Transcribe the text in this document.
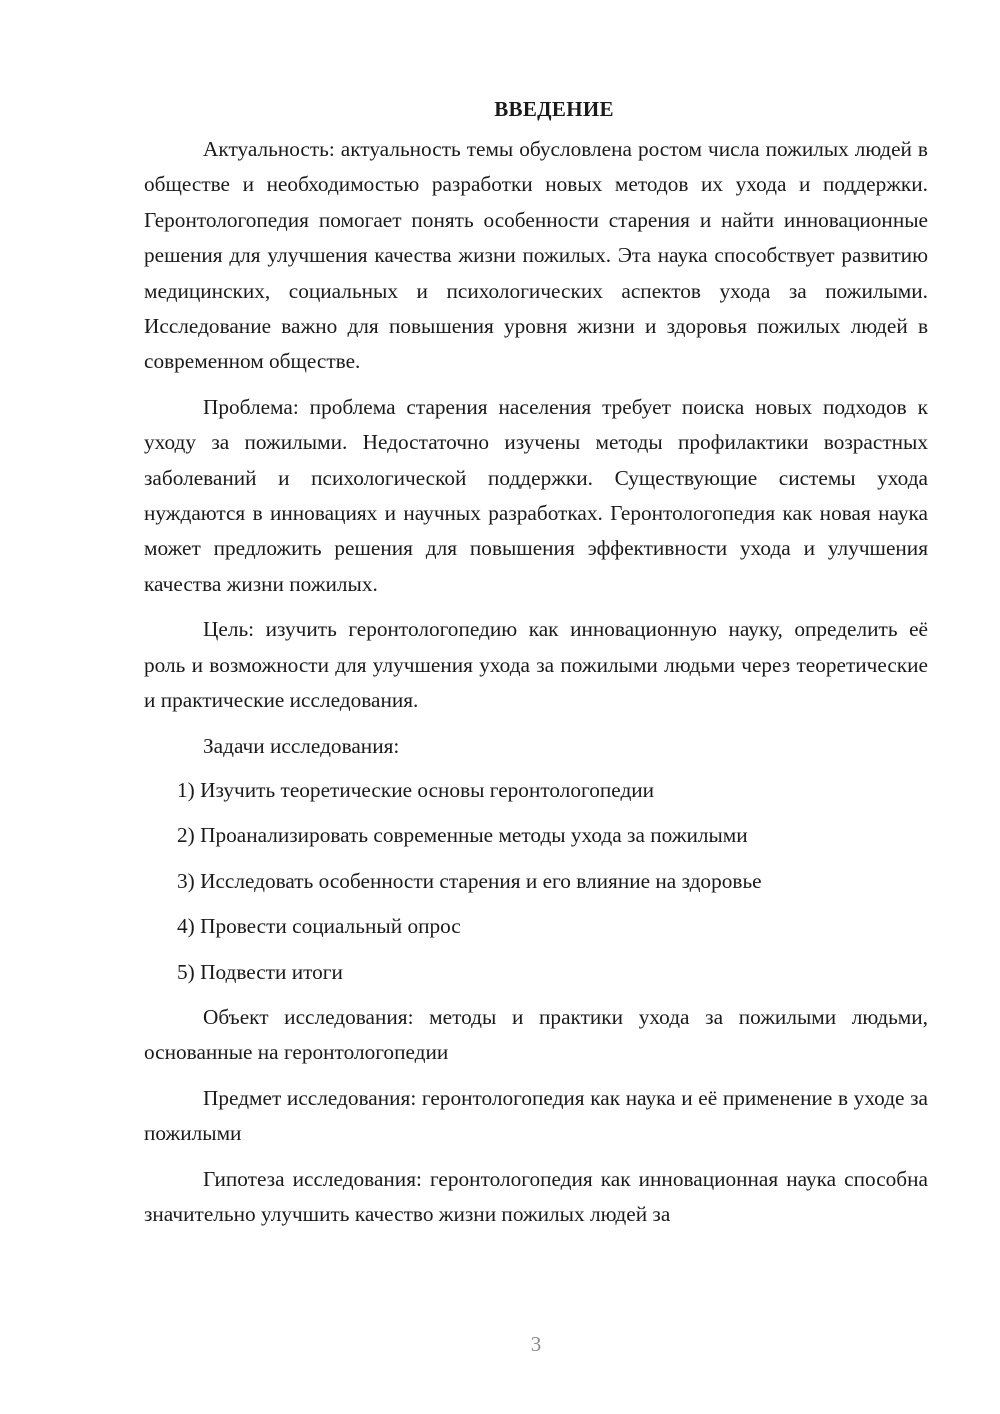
ВВЕДЕНИЕ

Актуальность: актуальность темы обусловлена ростом числа пожилых людей в обществе и необходимостью разработки новых методов их ухода и поддержки. Геронтологопедия помогает понять особенности старения и найти инновационные решения для улучшения качества жизни пожилых. Эта наука способствует развитию медицинских, социальных и психологических аспектов ухода за пожилыми. Исследование важно для повышения уровня жизни и здоровья пожилых людей в современном обществе.

Проблема: проблема старения населения требует поиска новых подходов к уходу за пожилыми. Недостаточно изучены методы профилактики возрастных заболеваний и психологической поддержки. Существующие системы ухода нуждаются в инновациях и научных разработках. Геронтологопедия как новая наука может предложить решения для повышения эффективности ухода и улучшения качества жизни пожилых.

Цель: изучить геронтологопедию как инновационную науку, определить её роль и возможности для улучшения ухода за пожилыми людьми через теоретические и практические исследования.

Задачи исследования:

1) Изучить теоретические основы геронтологопедии
2) Проанализировать современные методы ухода за пожилыми
3) Исследовать особенности старения и его влияние на здоровье
4) Провести социальный опрос
5) Подвести итоги

Объект исследования: методы и практики ухода за пожилыми людьми, основанные на геронтологопедии

Предмет исследования: геронтологопедия как наука и её применение в уходе за пожилыми

Гипотеза исследования: геронтологопедия как инновационная наука способна значительно улучшить качество жизни пожилых людей за

3
